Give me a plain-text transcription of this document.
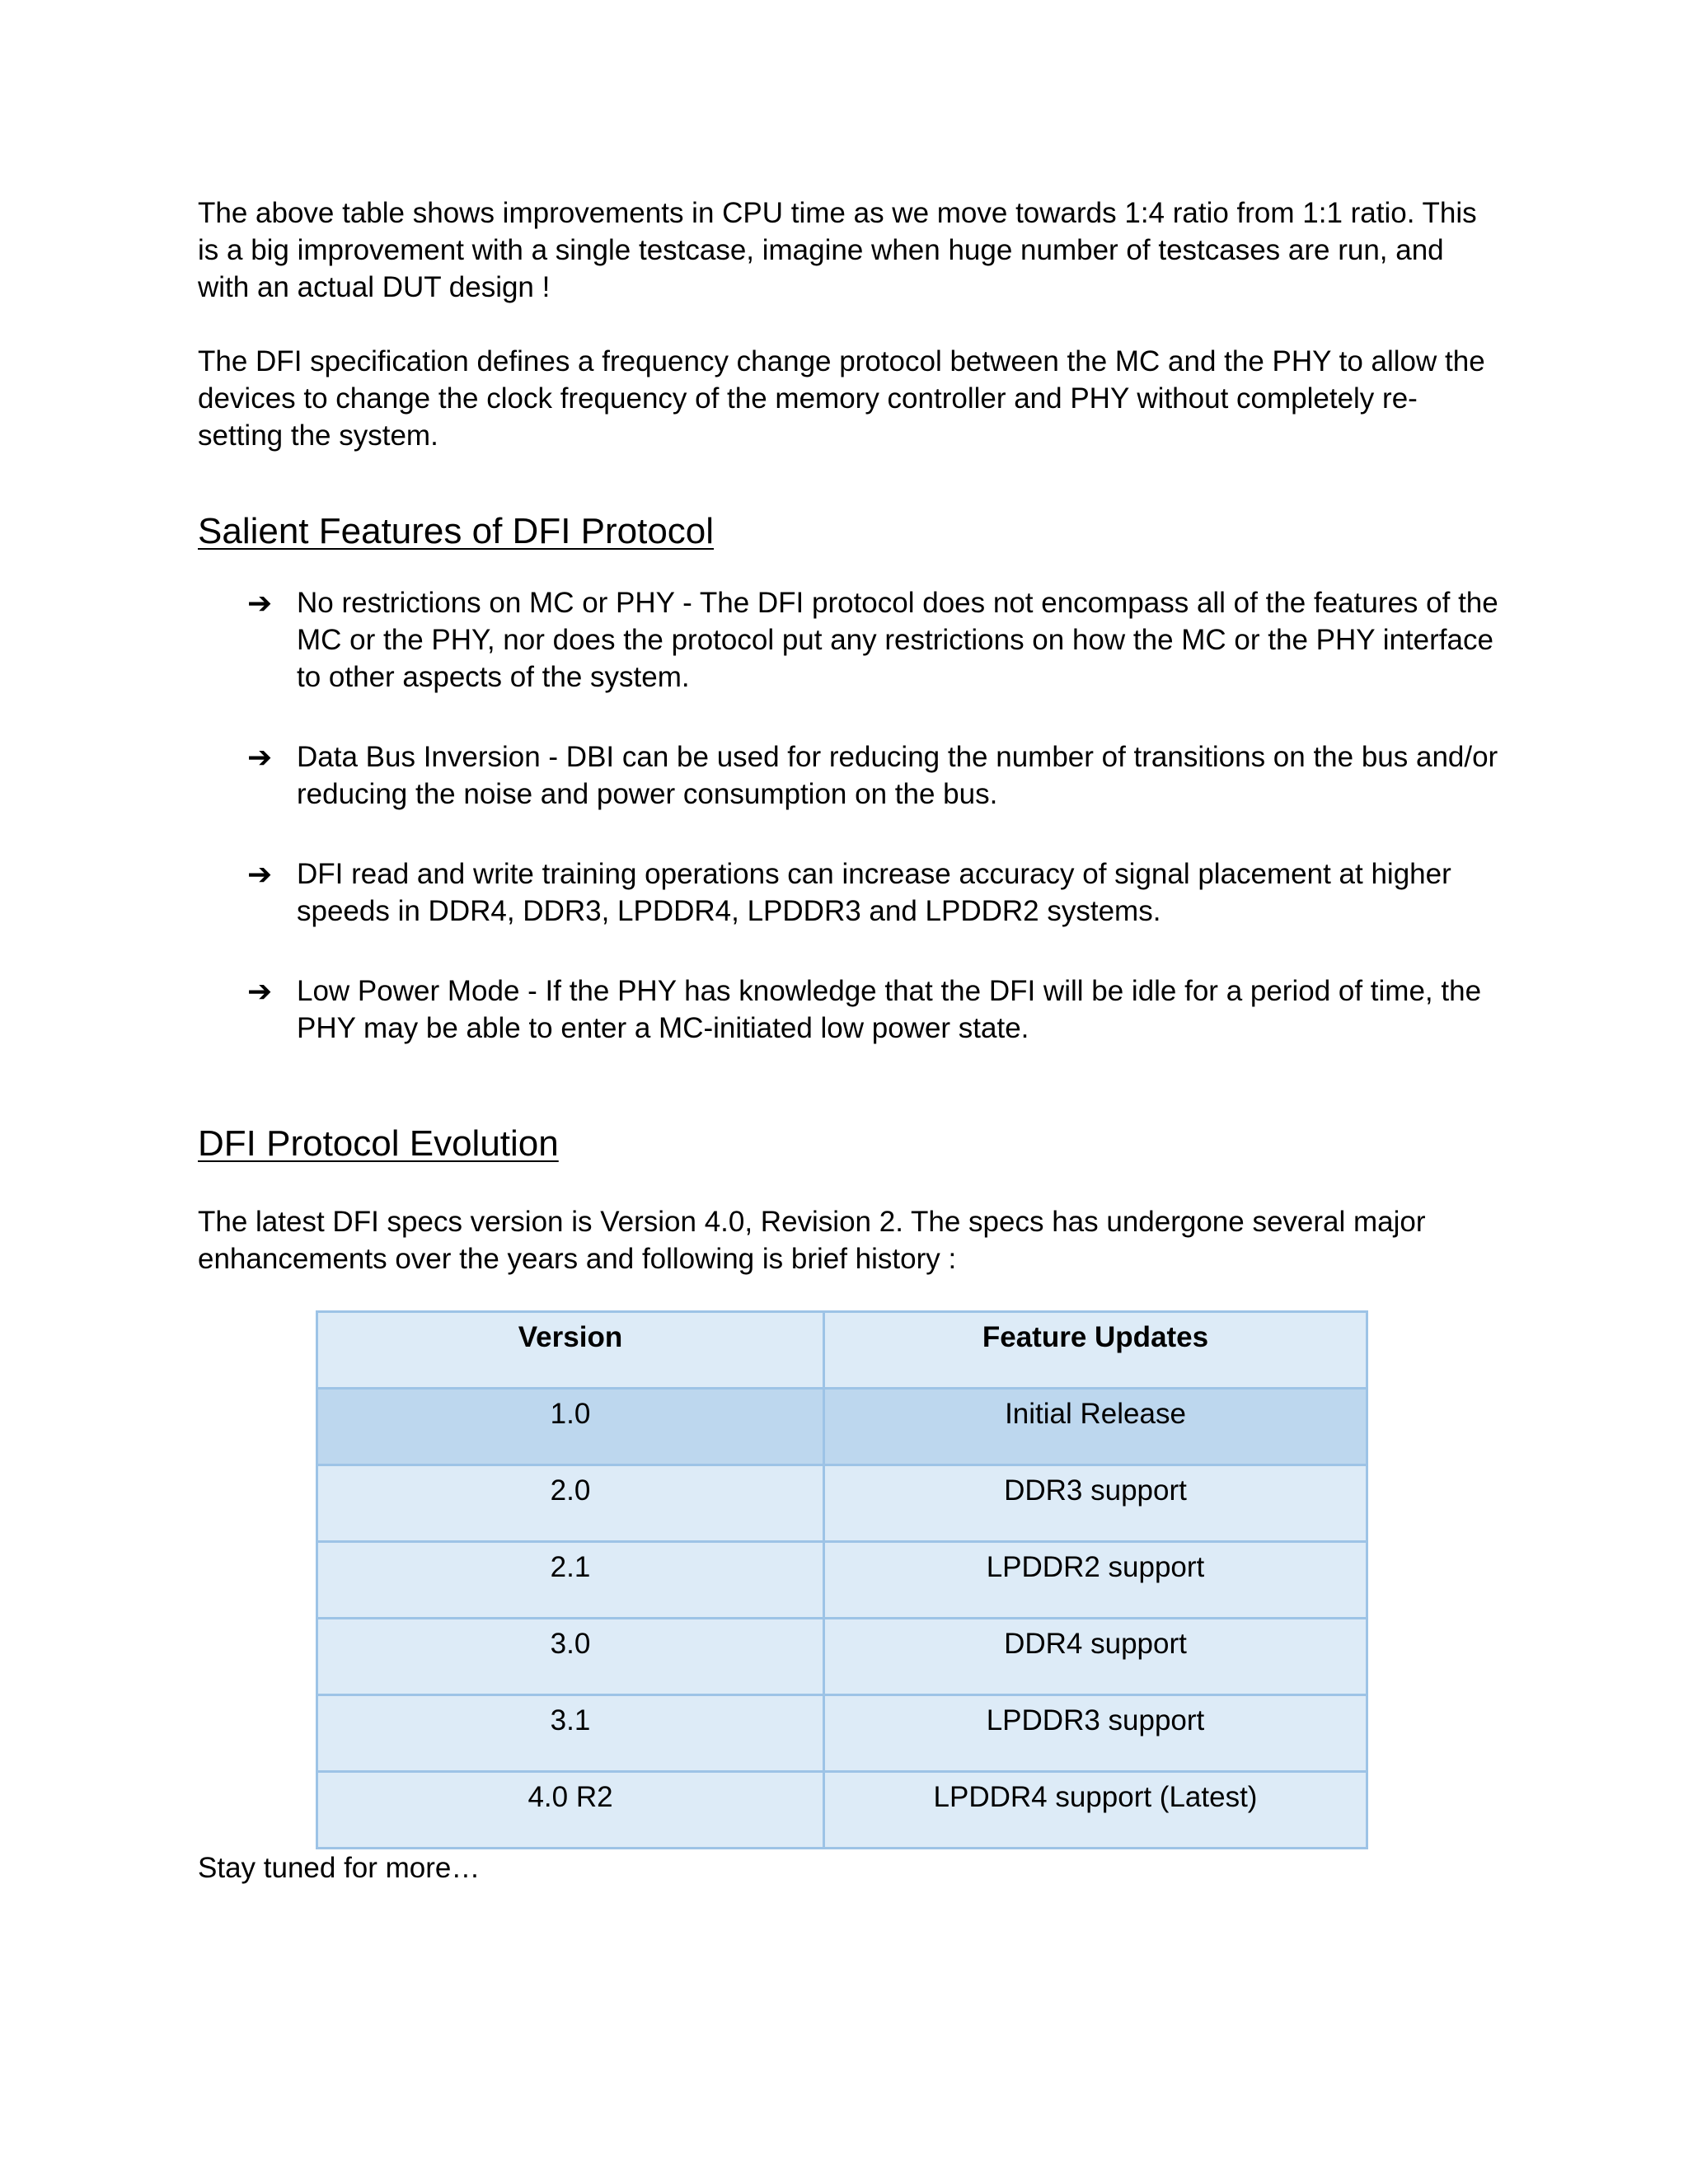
The above table shows improvements in CPU time as we move towards 1:4 ratio from 1:1 ratio. This is a big improvement with a single testcase, imagine when huge number of testcases are run, and with an actual DUT design !

The DFI specification defines a frequency change protocol between the MC and the PHY to allow the devices to change the clock frequency of the memory controller and PHY without completely re-setting the system.

Salient Features of DFI Protocol
➔ No restrictions on MC or PHY - The DFI protocol does not encompass all of the features of the MC or the PHY, nor does the protocol put any restrictions on how the MC or the PHY interface to other aspects of the system.
➔ Data Bus Inversion - DBI can be used for reducing the number of transitions on the bus and/or reducing the noise and power consumption on the bus.
➔ DFI read and write training operations can increase accuracy of signal placement at higher speeds in DDR4, DDR3, LPDDR4, LPDDR3 and LPDDR2 systems.
➔ Low Power Mode - If the PHY has knowledge that the DFI will be idle for a period of time, the PHY may be able to enter a MC-initiated low power state.
DFI Protocol Evolution

The latest DFI specs version is Version 4.0, Revision 2. The specs has undergone several major enhancements over the years and following is brief history :

Version	Feature Updates
1.0	Initial Release
2.0	DDR3 support
2.1	LPDDR2 support
3.0	DDR4 support
3.1	LPDDR3 support
4.0 R2	LPDDR4 support (Latest)

Stay tuned for more…
